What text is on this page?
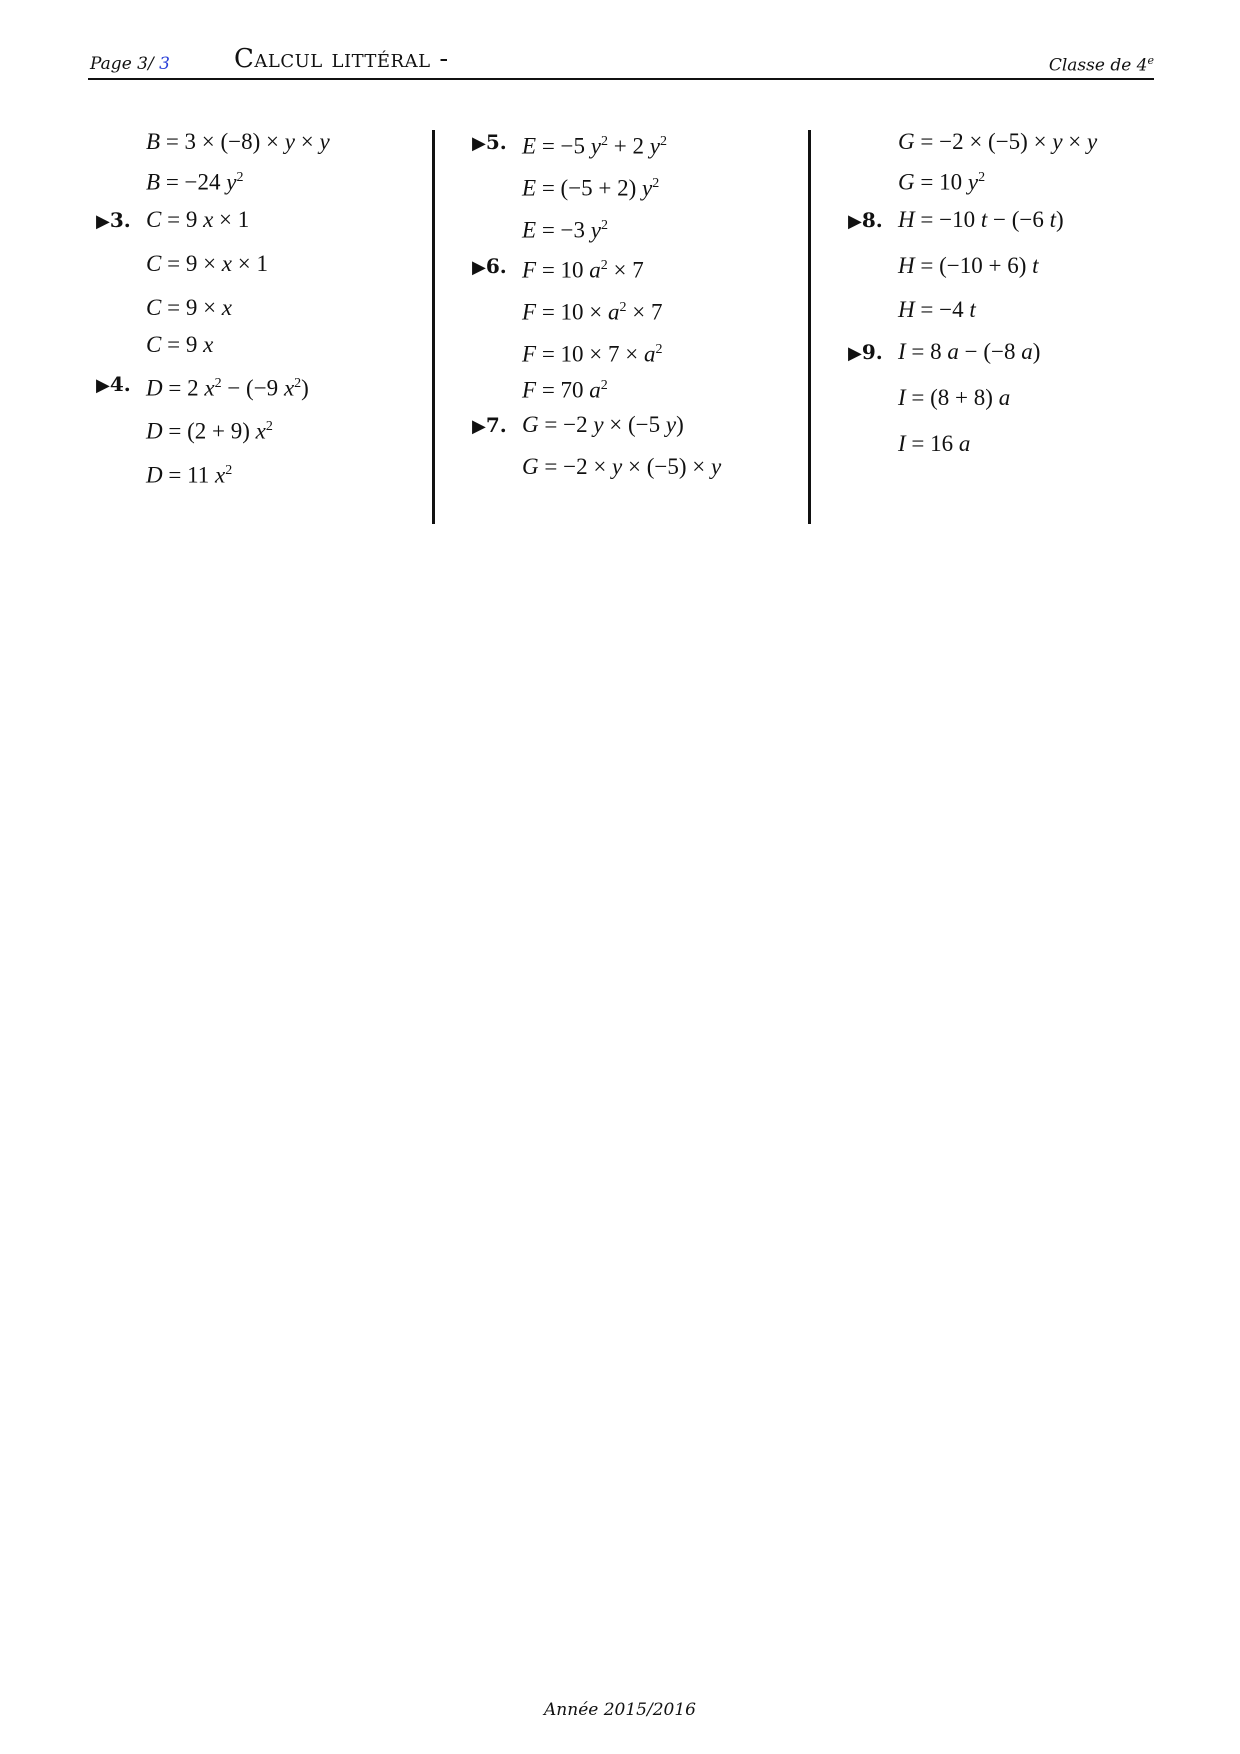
Page 3/ 3 Calcul littéral -	Classe de 4e
B = 3 × (−8) × y × y
B = −24 $y^2$
▶3. C = 9 x × 1
C = 9 × x × 1
C = 9 × x
C = 9 x
▶4. D = 2 $x^2 - (-9$ $x^2$)
D = (2 + 9) $x^2$
D = 11 $x^2$
▶5. E = −5 $y^2 + 2$ $y^2$
E = (−5 + 2) $y^2$
E = −3 $y^2$
▶6. F = 10 $a^2 \times 7$
$F = 10 \times a^2 \times 7$
$F = 10 \times 7 \times a^2$
F = 70 $a^2$
▶7. G = −2 y × (−5 y)
G = −2 × y × (−5) × y
G = −2 × (−5) × y × y
G = 10 $y^2$
▶8. H = −10 t − (−6 t)
H = (−10 + 6) t
H = −4 t
▶9. I = 8 a − (−8 a)
I = (8 + 8) a
I = 16 a
Année 2015/2016
